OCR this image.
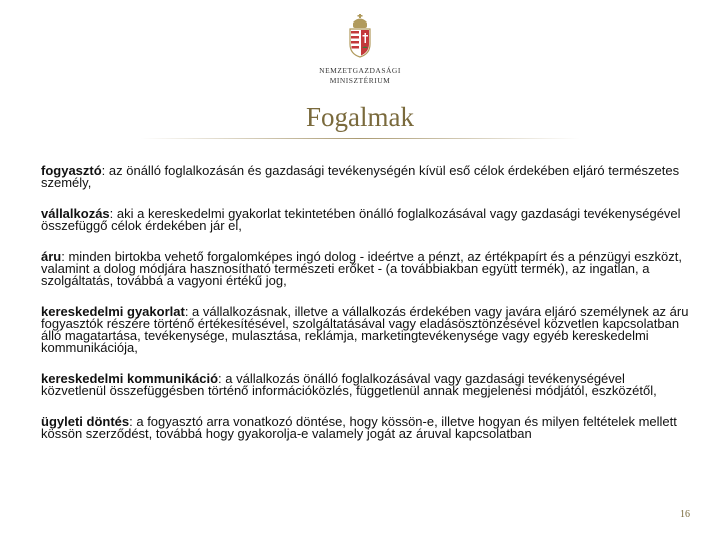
NEMZETGAZDASÁGI
MINISZTÉRIUM
Fogalmak

fogyasztó: az önálló foglalkozásán és gazdasági tevékenységén kívül eső célok érdekében eljáró természetes személy,

vállalkozás: aki a kereskedelmi gyakorlat tekintetében önálló foglalkozásával vagy gazdasági tevékenységével összefüggő célok érdekében jár el,

áru: minden birtokba vehető forgalomképes ingó dolog - ideértve a pénzt, az értékpapírt és a pénzügyi eszközt, valamint a dolog módjára hasznosítható természeti erőket - (a továbbiakban együtt termék), az ingatlan, a szolgáltatás, továbbá a vagyoni értékű jog,

kereskedelmi gyakorlat: a vállalkozásnak, illetve a vállalkozás érdekében vagy javára eljáró személynek az áru fogyasztók részére történő értékesítésével, szolgáltatásával vagy eladásösztönzésével közvetlen kapcsolatban álló magatartása, tevékenysége, mulasztása, reklámja, marketingtevékenysége vagy egyéb kereskedelmi kommunikációja,

kereskedelmi kommunikáció: a vállalkozás önálló foglalkozásával vagy gazdasági tevékenységével közvetlenül összefüggésben történő információközlés, függetlenül annak megjelenési módjától, eszközétől,

ügyleti döntés: a fogyasztó arra vonatkozó döntése, hogy kössön-e, illetve hogyan és milyen feltételek mellett kössön szerződést, továbbá hogy gyakorolja-e valamely jogát az áruval kapcsolatban

16
